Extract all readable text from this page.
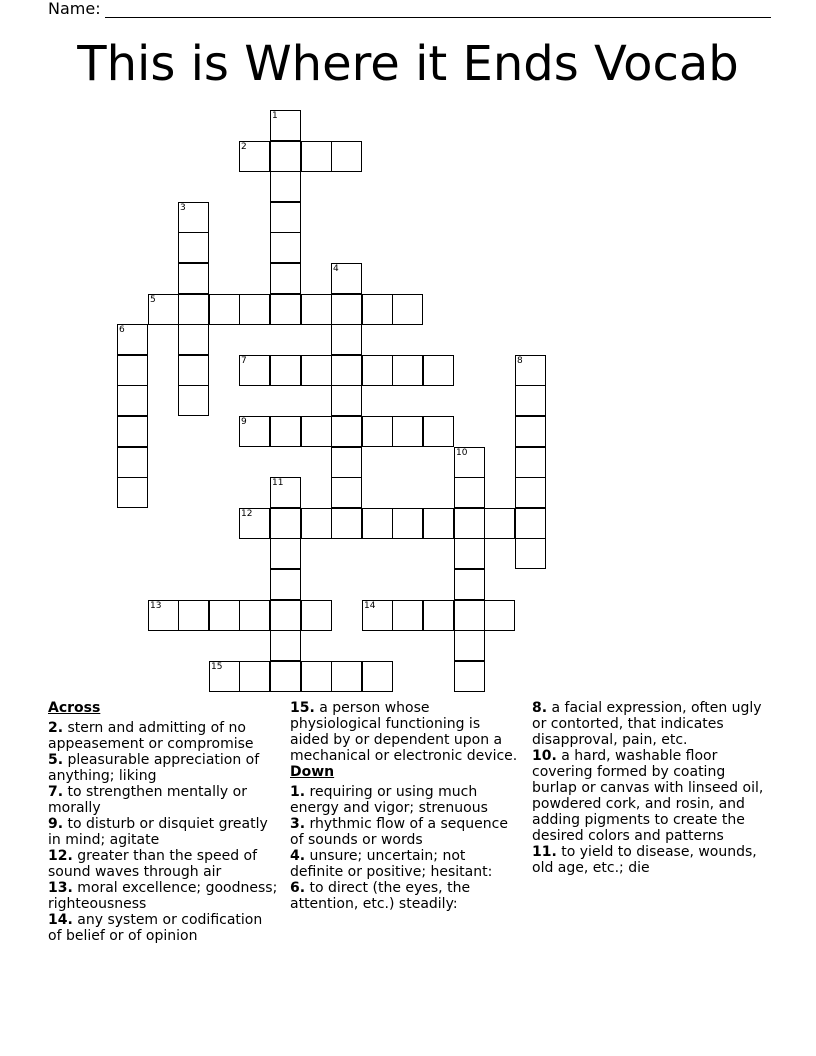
Name:
This is Where it Ends Vocab
1
2
3
4
5
6
7	8
9
10
11
12
13	14
15
Across
2. stern and admitting of no appeasement or compromise
5. pleasurable appreciation of anything; liking
7. to strengthen mentally or morally
9. to disturb or disquiet greatly in mind; agitate
12. greater than the speed of sound waves through air
13. moral excellence; goodness; righteousness
14. any system or codification of belief or of opinion
15. a person whose physiological functioning is aided by or dependent upon a mechanical or electronic device.
Down
1. requiring or using much energy and vigor; strenuous
3. rhythmic flow of a sequence of sounds or words
4. unsure; uncertain; not definite or positive; hesitant:
6. to direct (the eyes, the attention, etc.) steadily:
8. a facial expression, often ugly or contorted, that indicates disapproval, pain, etc.
10. a hard, washable floor covering formed by coating burlap or canvas with linseed oil, powdered cork, and rosin, and adding pigments to create the desired colors and patterns
11. to yield to disease, wounds, old age, etc.; die
